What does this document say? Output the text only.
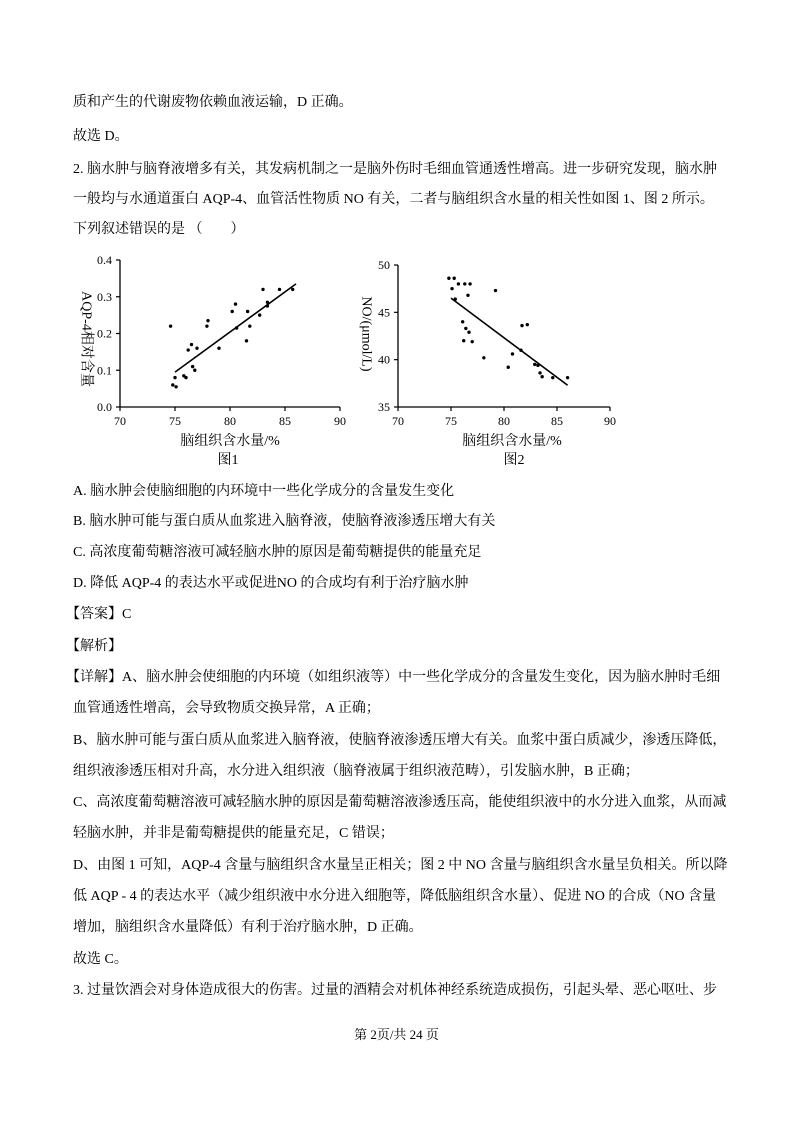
质和产生的代谢废物依赖血液运输，D 正确。
故选 D。
2. 脑水肿与脑脊液增多有关，其发病机制之一是脑外伤时毛细血管通透性增高。进一步研究发现，脑水肿
一般均与水通道蛋白 AQP-4、血管活性物质 NO 有关，二者与脑组织含水量的相关性如图 1、图 2 所示。
下列叙述错误的是 （　　）
70	75	80	85	90
0.0
0.1
0.2
0.3
0.4
AQP-4相对含量
脑组织含水量/%
图1
70	75	80	85	90
35
40
45
50
NO/(μmol/L)
脑组织含水量/%
图2
A. 脑水肿会使脑细胞的内环境中一些化学成分的含量发生变化
B. 脑水肿可能与蛋白质从血浆进入脑脊液，使脑脊液渗透压增大有关
C. 高浓度葡萄糖溶液可减轻脑水肿的原因是葡萄糖提供的能量充足
D. 降低 AQP-4 的表达水平或促进NO 的合成均有利于治疗脑水肿
【答案】C
【解析】
【详解】A、脑水肿会使细胞的内环境（如组织液等）中一些化学成分的含量发生变化，因为脑水肿时毛细
血管通透性增高，会导致物质交换异常，A 正确；
B、脑水肿可能与蛋白质从血浆进入脑脊液，使脑脊液渗透压增大有关。血浆中蛋白质减少，渗透压降低，
组织液渗透压相对升高，水分进入组织液（脑脊液属于组织液范畴），引发脑水肿，B 正确；
C、高浓度葡萄糖溶液可减轻脑水肿的原因是葡萄糖溶液渗透压高，能使组织液中的水分进入血浆，从而减
轻脑水肿，并非是葡萄糖提供的能量充足，C 错误；
D、由图 1 可知，AQP-4 含量与脑组织含水量呈正相关；图 2 中 NO 含量与脑组织含水量呈负相关。所以降
低 AQP - 4 的表达水平（减少组织液中水分进入细胞等，降低脑组织含水量）、促进 NO 的合成（NO 含量
增加，脑组织含水量降低）有利于治疗脑水肿，D 正确。
故选 C。
3. 过量饮酒会对身体造成很大的伤害。过量的酒精会对机体神经系统造成损伤，引起头晕、恶心呕吐、步
第 2页/共 24 页
